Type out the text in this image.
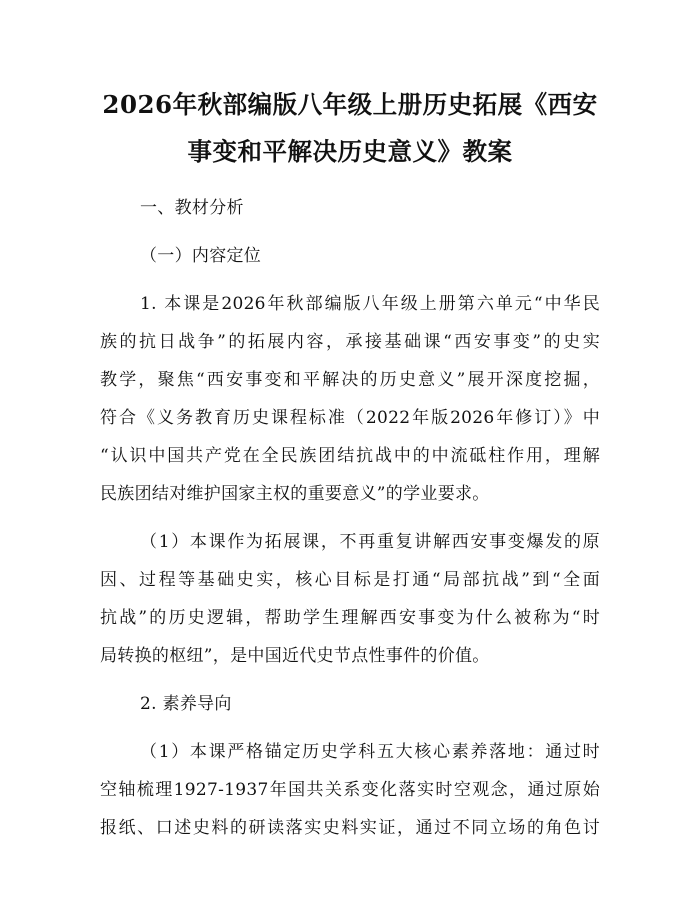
2026年秋部编版八年级上册历史拓展《西安
事变和平解决历史意义》教案
一、教材分析
（一）内容定位
1. 本课是2026年秋部编版八年级上册第六单元“中华民
族的抗日战争”的拓展内容，承接基础课“西安事变”的史实
教学，聚焦“西安事变和平解决的历史意义”展开深度挖掘，
符合《义务教育历史课程标准（2022年版2026年修订）》中
“认识中国共产党在全民族团结抗战中的中流砥柱作用，理解
民族团结对维护国家主权的重要意义”的学业要求。
（1）本课作为拓展课，不再重复讲解西安事变爆发的原
因、过程等基础史实，核心目标是打通“局部抗战”到“全面
抗战”的历史逻辑，帮助学生理解西安事变为什么被称为“时
局转换的枢纽”，是中国近代史节点性事件的价值。
2. 素养导向
（1）本课严格锚定历史学科五大核心素养落地：通过时
空轴梳理1927-1937年国共关系变化落实时空观念，通过原始
报纸、口述史料的研读落实史料实证，通过不同立场的角色讨
